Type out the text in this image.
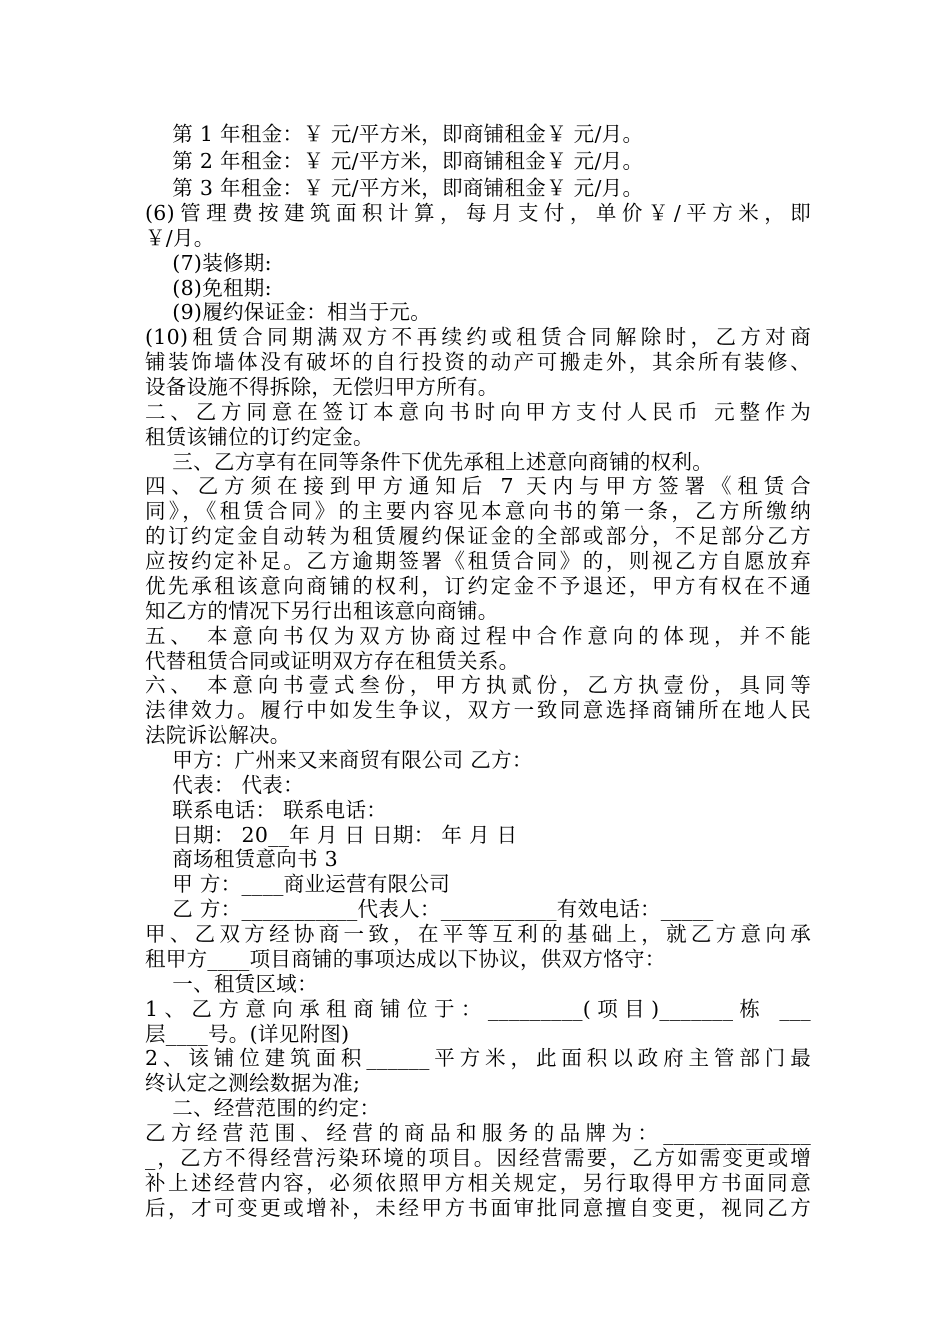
第 1 年租金：￥ 元/平方米，即商铺租金￥ 元/月。
第 2 年租金：￥ 元/平方米，即商铺租金￥ 元/月。
第 3 年租金：￥ 元/平方米，即商铺租金￥ 元/月。
(6)管理费按建筑面积计算，每月支付，单价￥/平方米，即
￥/月。
(7)装修期:
(8)免租期:
(9)履约保证金：相当于元。
(10)租赁合同期满双方不再续约或租赁合同解除时，乙方对商
铺装饰墙体没有破坏的自行投资的动产可搬走外，其余所有装修、
设备设施不得拆除，无偿归甲方所有。
二、乙方同意在签订本意向书时向甲方支付人民币 元整作为
租赁该铺位的订约定金。
三、乙方享有在同等条件下优先承租上述意向商铺的权利。
四、乙方须在接到甲方通知后 7 天内与甲方签署《租赁合
同》，《租赁合同》的主要内容见本意向书的第一条，乙方所缴纳
的订约定金自动转为租赁履约保证金的全部或部分，不足部分乙方
应按约定补足。乙方逾期签署《租赁合同》的，则视乙方自愿放弃
优先承租该意向商铺的权利，订约定金不予退还，甲方有权在不通
知乙方的情况下另行出租该意向商铺。
五、 本意向书仅为双方协商过程中合作意向的体现，并不能
代替租赁合同或证明双方存在租赁关系。
六、 本意向书壹式叁份，甲方执贰份，乙方执壹份，具同等
法律效力。履行中如发生争议，双方一致同意选择商铺所在地人民
法院诉讼解决。
甲方：广州来又来商贸有限公司 乙方：
代表： 代表：
联系电话： 联系电话：
日期： 20__年 月 日 日期： 年 月 日
商场租赁意向书 3
甲 方：____商业运营有限公司
乙 方：___________代表人：___________有效电话：_____
甲、乙双方经协商一致，在平等互利的基础上，就乙方意向承
租甲方____项目商铺的事项达成以下协议，供双方恪守：
一、租赁区域：
1、乙方意向承租商铺位于：_________(项目)_______栋 ___
层____号。(详见附图)
2、该铺位建筑面积______平方米，此面积以政府主管部门最
终认定之测绘数据为准;
二、经营范围的约定：
乙方经营范围、经营的商品和服务的品牌为：______________
_，乙方不得经营污染环境的项目。因经营需要，乙方如需变更或增
补上述经营内容，必须依照甲方相关规定，另行取得甲方书面同意
后，才可变更或增补，未经甲方书面审批同意擅自变更，视同乙方
